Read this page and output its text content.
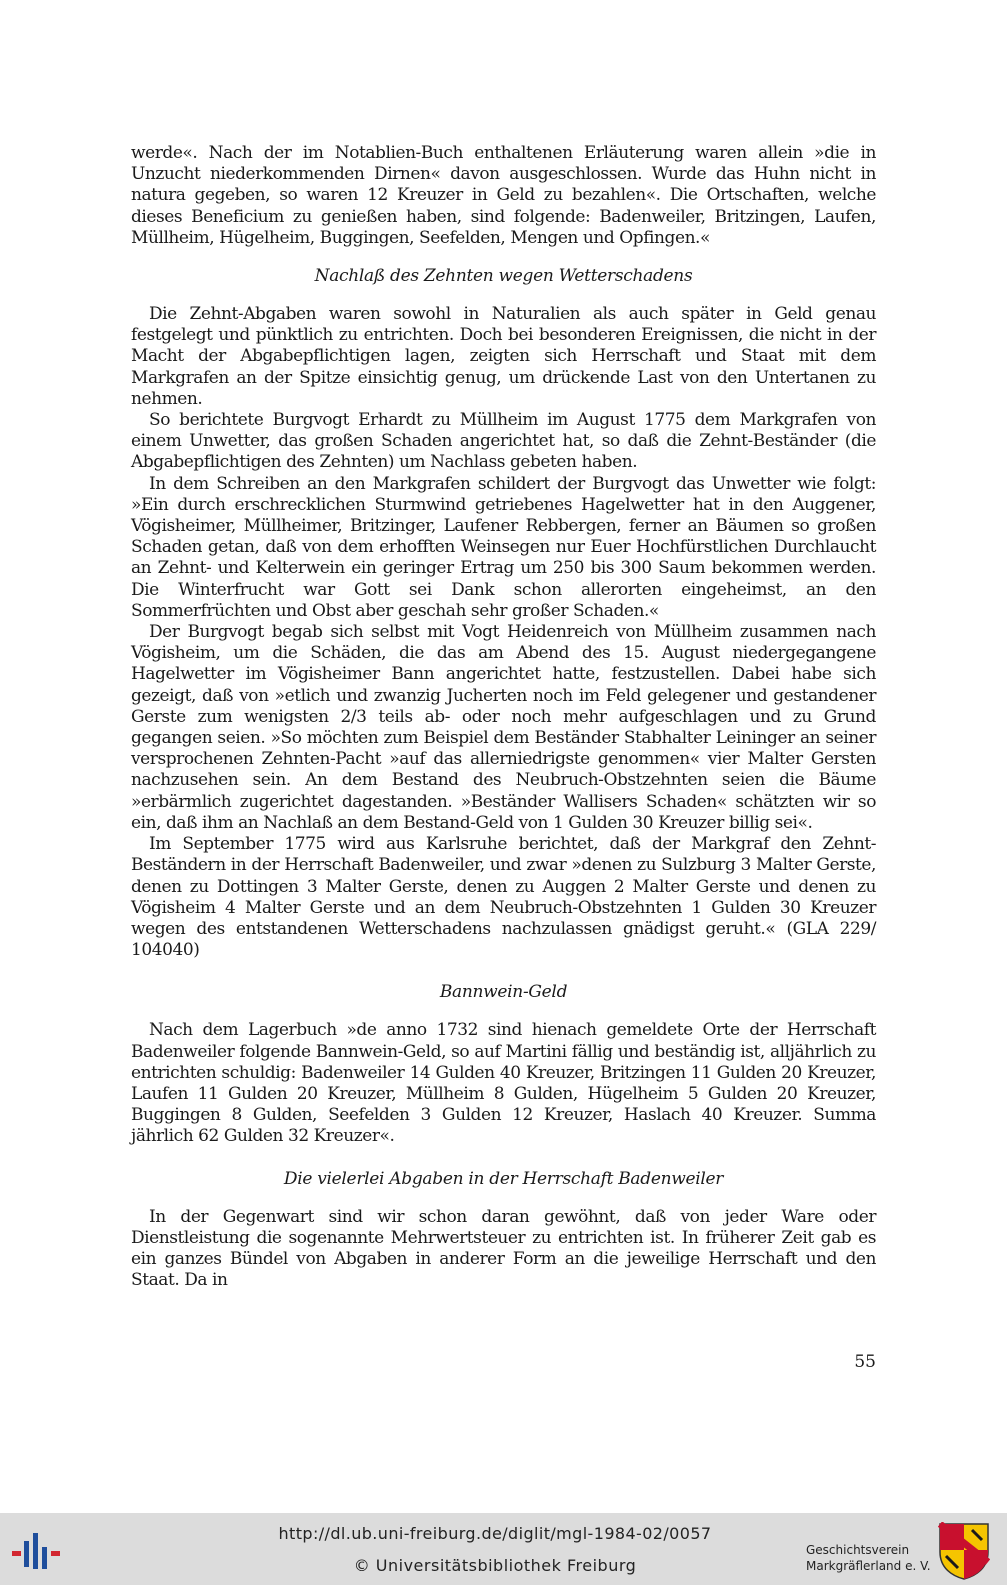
werde«. Nach der im Notablien-Buch enthaltenen Erläuterung waren allein »die in Unzucht niederkommenden Dirnen« davon ausgeschlossen. Wurde das Huhn nicht in natura gegeben, so waren 12 Kreuzer in Geld zu bezahlen«. Die Ortschaften, welche dieses Beneficium zu genießen haben, sind folgende: Badenweiler, Britzingen, Laufen, Müllheim, Hügelheim, Buggingen, Seefelden, Mengen und Opfingen.«

Nachlaß des Zehnten wegen Wetterschadens

Die Zehnt-Abgaben waren sowohl in Naturalien als auch später in Geld genau festgelegt und pünktlich zu entrichten. Doch bei besonderen Ereignissen, die nicht in der Macht der Abgabepflichtigen lagen, zeigten sich Herrschaft und Staat mit dem Markgrafen an der Spitze einsichtig genug, um drückende Last von den Untertanen zu nehmen.

So berichtete Burgvogt Erhardt zu Müllheim im August 1775 dem Markgrafen von einem Unwetter, das großen Schaden angerichtet hat, so daß die Zehnt-Beständer (die Abgabepflichtigen des Zehnten) um Nachlass gebeten haben.

In dem Schreiben an den Markgrafen schildert der Burgvogt das Unwetter wie folgt: »Ein durch erschrecklichen Sturmwind getriebenes Hagelwetter hat in den Auggener, Vögisheimer, Müllheimer, Britzinger, Laufener Rebbergen, ferner an Bäumen so großen Schaden getan, daß von dem erhofften Weinsegen nur Euer Hochfürstlichen Durchlaucht an Zehnt- und Kelterwein ein geringer Ertrag um 250 bis 300 Saum bekommen werden. Die Winterfrucht war Gott sei Dank schon allerorten eingeheimst, an den Sommerfrüchten und Obst aber geschah sehr großer Schaden.«

Der Burgvogt begab sich selbst mit Vogt Heidenreich von Müllheim zusammen nach Vögisheim, um die Schäden, die das am Abend des 15. August niedergegangene Hagelwetter im Vögisheimer Bann angerichtet hatte, festzustellen. Dabei habe sich gezeigt, daß von »etlich und zwanzig Jucherten noch im Feld gelegener und gestandener Gerste zum wenigsten 2/3 teils ab- oder noch mehr aufgeschlagen und zu Grund gegangen seien. »So möchten zum Beispiel dem Beständer Stabhalter Leininger an seiner versprochenen Zehnten-Pacht »auf das allerniedrigste genommen« vier Malter Gersten nachzusehen sein. An dem Bestand des Neubruch-Obstzehnten seien die Bäume »erbärmlich zugerichtet dagestanden. »Beständer Wallisers Schaden« schätzten wir so ein, daß ihm an Nachlaß an dem Bestand-Geld von 1 Gulden 30 Kreuzer billig sei«.

Im September 1775 wird aus Karlsruhe berichtet, daß der Markgraf den Zehnt-Beständern in der Herrschaft Badenweiler, und zwar »denen zu Sulzburg 3 Malter Gerste, denen zu Dottingen 3 Malter Gerste, denen zu Auggen 2 Malter Gerste und denen zu Vögisheim 4 Malter Gerste und an dem Neubruch-Obstzehnten 1 Gulden 30 Kreuzer wegen des entstandenen Wetterschadens nachzulassen gnädigst geruht.« (GLA 229/ 104040)

Bannwein-Geld

Nach dem Lagerbuch »de anno 1732 sind hienach gemeldete Orte der Herrschaft Badenweiler folgende Bannwein-Geld, so auf Martini fällig und beständig ist, alljährlich zu entrichten schuldig: Badenweiler 14 Gulden 40 Kreuzer, Britzingen 11 Gulden 20 Kreuzer, Laufen 11 Gulden 20 Kreuzer, Müllheim 8 Gulden, Hügelheim 5 Gulden 20 Kreuzer, Buggingen 8 Gulden, Seefelden 3 Gulden 12 Kreuzer, Haslach 40 Kreuzer. Summa jährlich 62 Gulden 32 Kreuzer«.

Die vielerlei Abgaben in der Herrschaft Badenweiler

In der Gegenwart sind wir schon daran gewöhnt, daß von jeder Ware oder Dienstleistung die sogenannte Mehrwertsteuer zu entrichten ist. In früherer Zeit gab es ein ganzes Bündel von Abgaben in anderer Form an die jeweilige Herrschaft und den Staat. Da in

55
http://dl.ub.uni-freiburg.de/diglit/mgl-1984-02/0057
© Universitätsbibliothek Freiburg
Geschichtsverein
Markgräflerland e. V.
